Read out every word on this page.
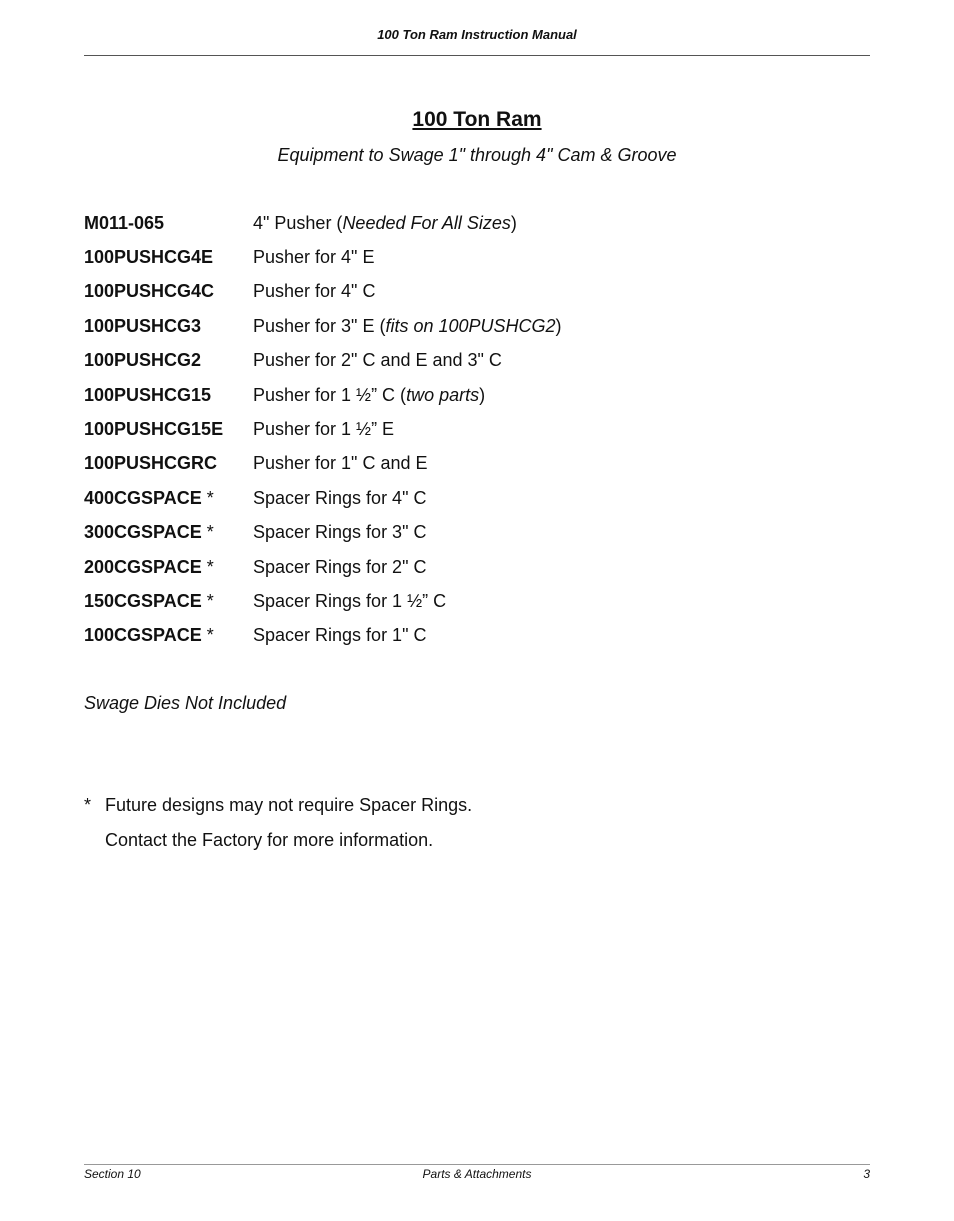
100 Ton Ram Instruction Manual
100 Ton Ram
Equipment to Swage 1" through 4" Cam & Groove
M011-065	4" Pusher (Needed For All Sizes)
100PUSHCG4E	Pusher for 4" E
100PUSHCG4C	Pusher for 4" C
100PUSHCG3	Pusher for 3" E (fits on 100PUSHCG2)
100PUSHCG2	Pusher for 2" C and E and 3" C
100PUSHCG15	Pusher for 1 ½” C (two parts)
100PUSHCG15E	Pusher for 1 ½” E
100PUSHCGRC	Pusher for 1" C and E
400CGSPACE *	Spacer Rings for 4" C
300CGSPACE *	Spacer Rings for 3" C
200CGSPACE *	Spacer Rings for 2" C
150CGSPACE *	Spacer Rings for 1 ½” C
100CGSPACE *	Spacer Rings for 1" C
Swage Dies Not Included
* Future designs may not require Spacer Rings.
Contact the Factory for more information.
Section 10	Parts & Attachments	3
